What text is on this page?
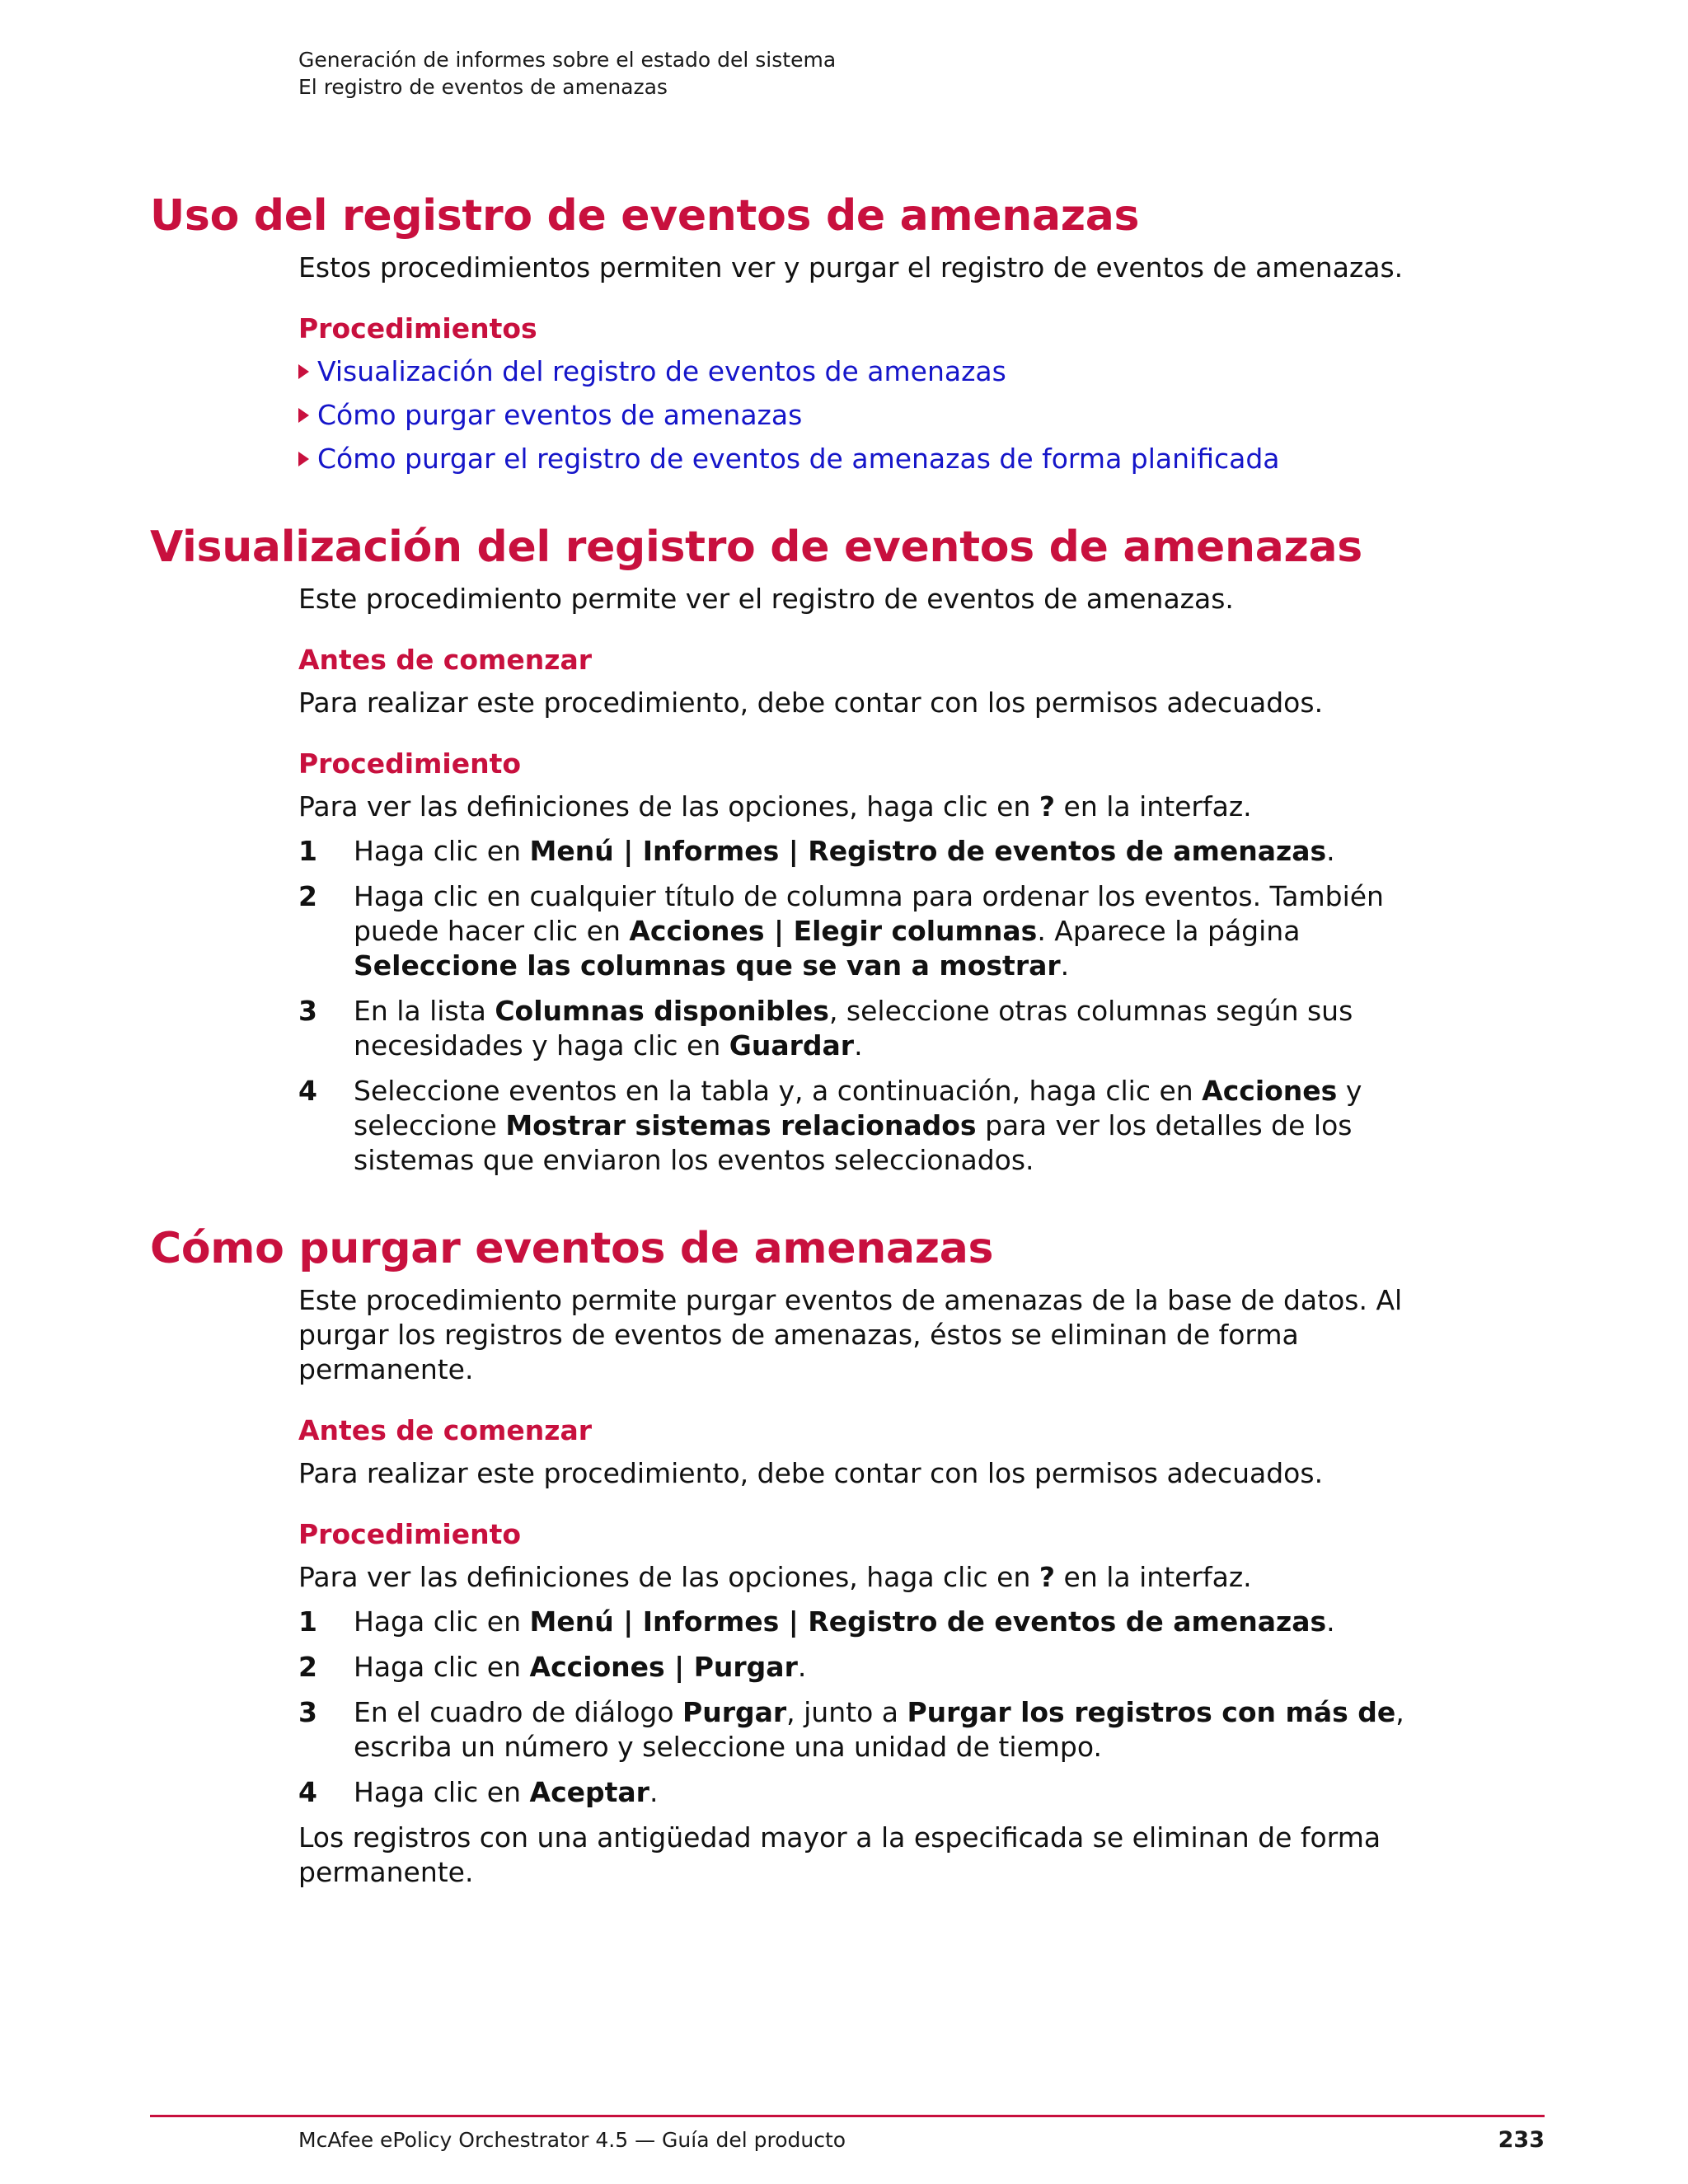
Generación de informes sobre el estado del sistema
El registro de eventos de amenazas
Uso del registro de eventos de amenazas
Estos procedimientos permiten ver y purgar el registro de eventos de amenazas.
Procedimientos
Visualización del registro de eventos de amenazas
Cómo purgar eventos de amenazas
Cómo purgar el registro de eventos de amenazas de forma planificada
Visualización del registro de eventos de amenazas
Este procedimiento permite ver el registro de eventos de amenazas.
Antes de comenzar
Para realizar este procedimiento, debe contar con los permisos adecuados.
Procedimiento
Para ver las definiciones de las opciones, haga clic en ? en la interfaz.
1	Haga clic en Menú | Informes | Registro de eventos de amenazas.
2	Haga clic en cualquier título de columna para ordenar los eventos. También puede hacer clic en Acciones | Elegir columnas. Aparece la página Seleccione las columnas que se van a mostrar.
3	En la lista Columnas disponibles, seleccione otras columnas según sus necesidades y haga clic en Guardar.
4	Seleccione eventos en la tabla y, a continuación, haga clic en Acciones y seleccione Mostrar sistemas relacionados para ver los detalles de los sistemas que enviaron los eventos seleccionados.
Cómo purgar eventos de amenazas
Este procedimiento permite purgar eventos de amenazas de la base de datos. Al purgar los registros de eventos de amenazas, éstos se eliminan de forma permanente.
Antes de comenzar
Para realizar este procedimiento, debe contar con los permisos adecuados.
Procedimiento
Para ver las definiciones de las opciones, haga clic en ? en la interfaz.
1	Haga clic en Menú | Informes | Registro de eventos de amenazas.
2	Haga clic en Acciones | Purgar.
3	En el cuadro de diálogo Purgar, junto a Purgar los registros con más de, escriba un número y seleccione una unidad de tiempo.
4	Haga clic en Aceptar.
Los registros con una antigüedad mayor a la especificada se eliminan de forma permanente.
McAfee ePolicy Orchestrator 4.5 — Guía del producto	233
